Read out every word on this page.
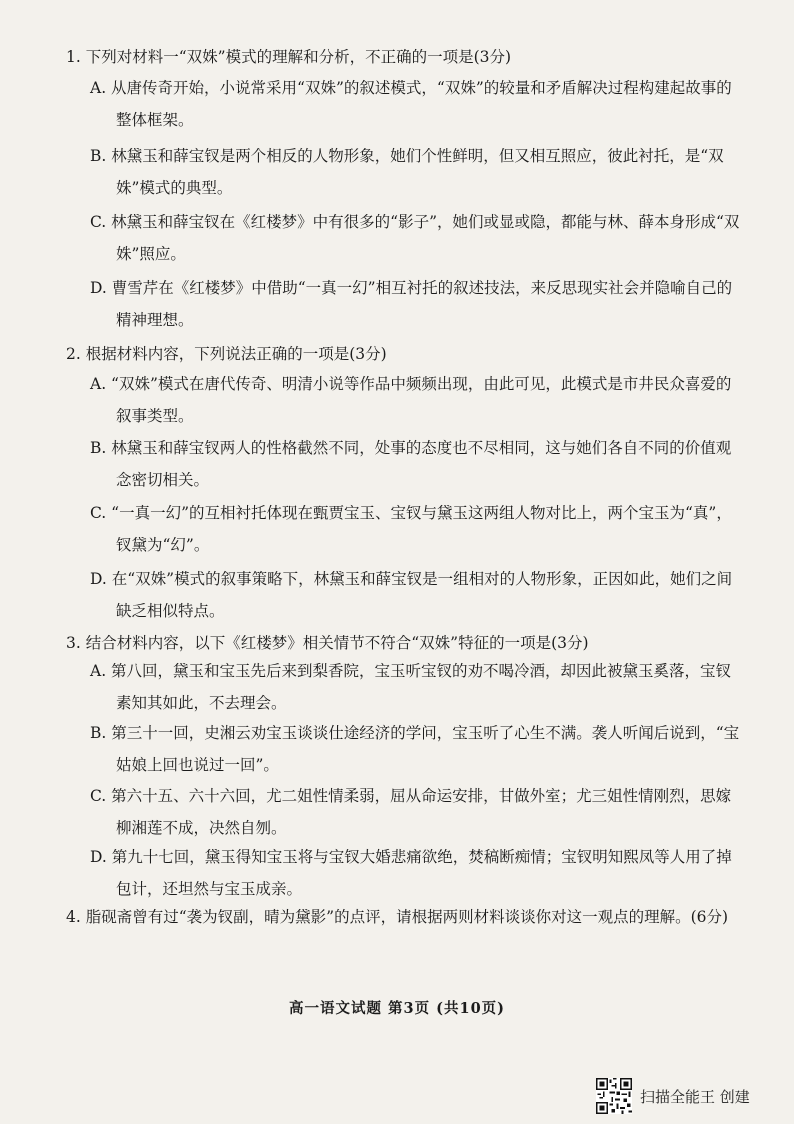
1. 下列对材料一“双姝”模式的理解和分析，不正确的一项是(3分)
A. 从唐传奇开始，小说常采用“双姝”的叙述模式，“双姝”的较量和矛盾解决过程构建起故事的整体框架。
B. 林黛玉和薛宝钗是两个相反的人物形象，她们个性鲜明，但又相互照应，彼此衬托，是“双姝”模式的典型。
C. 林黛玉和薛宝钗在《红楼梦》中有很多的“影子”，她们或显或隐，都能与林、薛本身形成“双姝”照应。
D. 曹雪芹在《红楼梦》中借助“一真一幻”相互衬托的叙述技法，来反思现实社会并隐喻自己的精神理想。
2. 根据材料内容，下列说法正确的一项是(3分)
A. “双姝”模式在唐代传奇、明清小说等作品中频频出现，由此可见，此模式是市井民众喜爱的叙事类型。
B. 林黛玉和薛宝钗两人的性格截然不同，处事的态度也不尽相同，这与她们各自不同的价值观念密切相关。
C. “一真一幻”的互相衬托体现在甄贾宝玉、宝钗与黛玉这两组人物对比上，两个宝玉为“真”，钗黛为“幻”。
D. 在“双姝”模式的叙事策略下，林黛玉和薛宝钗是一组相对的人物形象，正因如此，她们之间缺乏相似特点。
3. 结合材料内容，以下《红楼梦》相关情节不符合“双姝”特征的一项是(3分)
A. 第八回，黛玉和宝玉先后来到梨香院，宝玉听宝钗的劝不喝冷酒，却因此被黛玉奚落，宝钗素知其如此，不去理会。
B. 第三十一回，史湘云劝宝玉谈谈仕途经济的学问，宝玉听了心生不满。袭人听闻后说到，“宝姑娘上回也说过一回”。
C. 第六十五、六十六回，尤二姐性情柔弱，屈从命运安排，甘做外室；尤三姐性情刚烈，思嫁柳湘莲不成，决然自刎。
D. 第九十七回，黛玉得知宝玉将与宝钗大婚悲痛欲绝，焚稿断痴情；宝钗明知熙凤等人用了掉包计，还坦然与宝玉成亲。
4. 脂砚斋曾有过“袭为钗副，晴为黛影”的点评，请根据两则材料谈谈你对这一观点的理解。(6分)
高一语文试题 第3页 (共10页)
扫描全能王 创建
